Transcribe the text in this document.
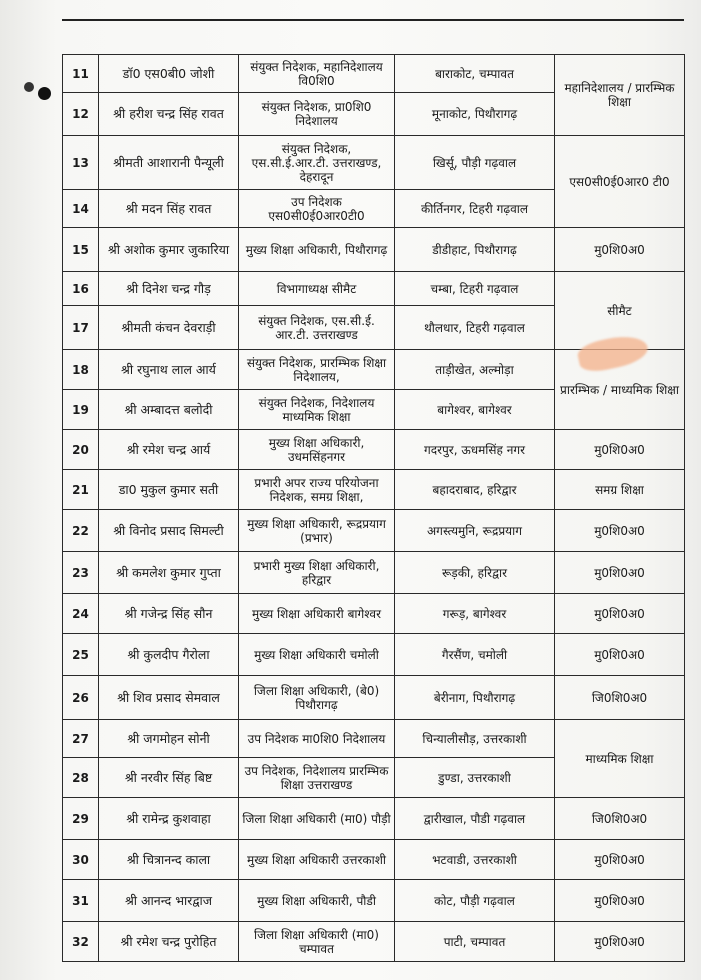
11	डॉ0 एस0बी0 जोशी	संयुक्त निदेशक, महानिदेशालय वि0शि0	बाराकोट, चम्पावत	महानिदेशालय / प्रारम्भिक शिक्षा
12	श्री हरीश चन्द्र सिंह रावत	संयुक्त निदेशक, प्रा0शि0 निदेशालय	मूनाकोट, पिथौरागढ़	
13	श्रीमती आशारानी पैन्यूली	संयुक्त निदेशक, एस.सी.ई.आर.टी. उत्तराखण्ड, देहरादून	खिर्सू, पौड़ी गढ़वाल	एस0सी0ई0आर0 टी0
14	श्री मदन सिंह रावत	उप निदेशक एस0सी0ई0आर0टी0	कीर्तिनगर, टिहरी गढ़वाल	
15	श्री अशोक कुमार जुकारिया	मुख्य शिक्षा अधिकारी, पिथौरागढ़	डीडीहाट, पिथौरागढ़	मु0शि0अ0
16	श्री दिनेश चन्द्र गौड़	विभागाध्यक्ष सीमैट	चम्बा, टिहरी गढ़वाल	सीमैट
17	श्रीमती कंचन देवराड़ी	संयुक्त निदेशक, एस.सी.ई. आर.टी. उत्तराखण्ड	थौलधार, टिहरी गढ़वाल	
18	श्री रघुनाथ लाल आर्य	संयुक्त निदेशक, प्रारम्भिक शिक्षा निदेशालय,	ताड़ीखेत, अल्मोड़ा	प्रारम्भिक / माध्यमिक शिक्षा
19	श्री अम्बादत्त बलोदी	संयुक्त निदेशक, निदेशालय माध्यमिक शिक्षा	बागेश्वर, बागेश्वर	
20	श्री रमेश चन्द्र आर्य	मुख्य शिक्षा अधिकारी, उधमसिंहनगर	गदरपुर, ऊधमसिंह नगर	मु0शि0अ0
21	डा0 मुकुल कुमार सती	प्रभारी अपर राज्य परियोजना निदेशक, समग्र शिक्षा,	बहादराबाद, हरिद्वार	समग्र शिक्षा
22	श्री विनोद प्रसाद सिमल्टी	मुख्य शिक्षा अधिकारी, रूद्रप्रयाग (प्रभार)	अगस्त्यमुनि, रूद्रप्रयाग	मु0शि0अ0
23	श्री कमलेश कुमार गुप्ता	प्रभारी मुख्य शिक्षा अधिकारी, हरिद्वार	रूड़की, हरिद्वार	मु0शि0अ0
24	श्री गजेन्द्र सिंह सौन	मुख्य शिक्षा अधिकारी बागेश्वर	गरूड़, बागेश्वर	मु0शि0अ0
25	श्री कुलदीप गैरोला	मुख्य शिक्षा अधिकारी चमोली	गैरसैंण, चमोली	मु0शि0अ0
26	श्री शिव प्रसाद सेमवाल	जिला शिक्षा अधिकारी, (बे0) पिथौरागढ़	बेरीनाग, पिथौरागढ़	जि0शि0अ0
27	श्री जगमोहन सोनी	उप निदेशक मा0शि0 निदेशालय	चिन्यालीसौड़, उत्तरकाशी	माध्यमिक शिक्षा
28	श्री नरवीर सिंह बिष्ट	उप निदेशक, निदेशालय प्रारम्भिक शिक्षा उत्तराखण्ड	डुण्डा, उत्तरकाशी	
29	श्री रामेन्द्र कुशवाहा	जिला शिक्षा अधिकारी (मा0) पौड़ी	द्वारीखाल, पौडी गढ़वाल	जि0शि0अ0
30	श्री चित्रानन्द काला	मुख्य शिक्षा अधिकारी उत्तरकाशी	भटवाडी, उत्तरकाशी	मु0शि0अ0
31	श्री आनन्द भारद्वाज	मुख्य शिक्षा अधिकारी, पौडी	कोट, पौड़ी गढ़वाल	मु0शि0अ0
32	श्री रमेश चन्द्र पुरोहित	जिला शिक्षा अधिकारी (मा0) चम्पावत	पाटी, चम्पावत	मु0शि0अ0
